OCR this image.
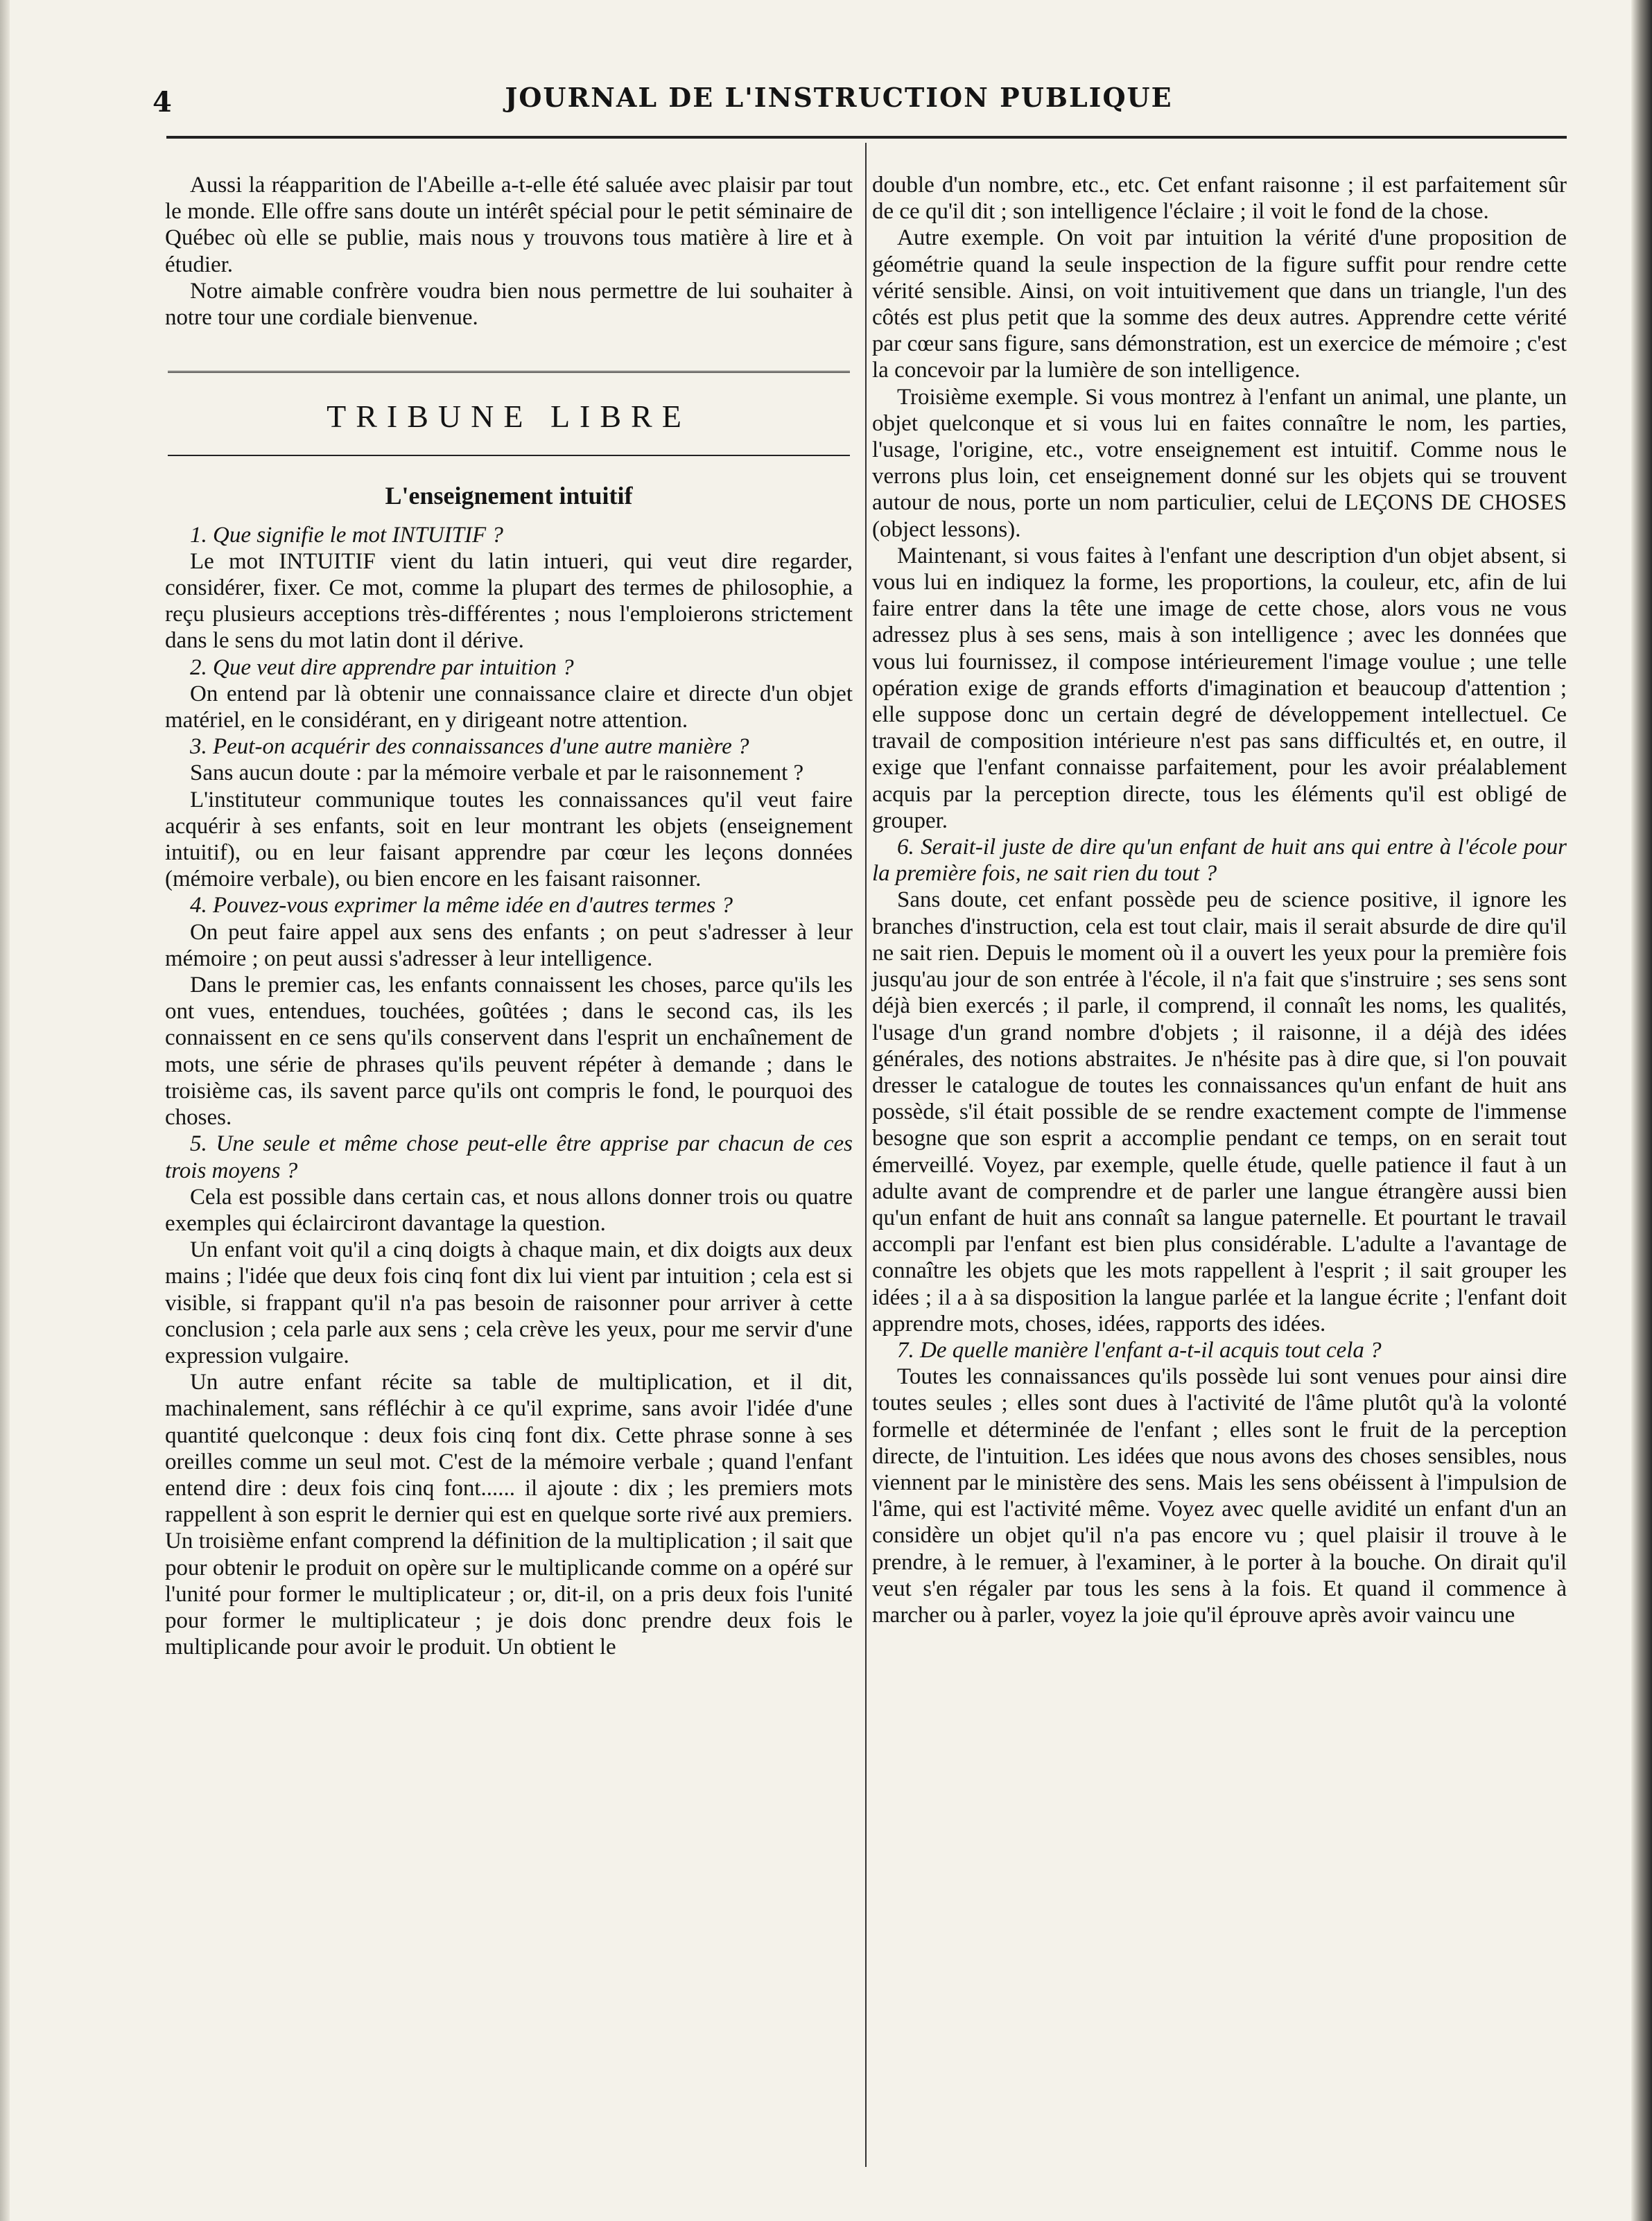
4	JOURNAL DE L'INSTRUCTION PUBLIQUE

Aussi la réapparition de l'Abeille a-t-elle été saluée avec plaisir par tout le monde. Elle offre sans doute un intérêt spécial pour le petit séminaire de Québec où elle se publie, mais nous y trouvons tous matière à lire et à étudier.

Notre aimable confrère voudra bien nous permettre de lui souhaiter à notre tour une cordiale bienvenue.

TRIBUNE LIBRE
L'enseignement intuitif

1. Que signifie le mot INTUITIF ?

Le mot INTUITIF vient du latin intueri, qui veut dire regarder, considérer, fixer. Ce mot, comme la plupart des termes de philosophie, a reçu plusieurs acceptions très-différentes ; nous l'emploierons strictement dans le sens du mot latin dont il dérive.

2. Que veut dire apprendre par intuition ?

On entend par là obtenir une connaissance claire et directe d'un objet matériel, en le considérant, en y dirigeant notre attention.

3. Peut-on acquérir des connaissances d'une autre manière ?

Sans aucun doute : par la mémoire verbale et par le raisonnement ?

L'instituteur communique toutes les connaissances qu'il veut faire acquérir à ses enfants, soit en leur montrant les objets (enseignement intuitif), ou en leur faisant apprendre par cœur les leçons données (mémoire verbale), ou bien encore en les faisant raisonner.

4. Pouvez-vous exprimer la même idée en d'autres termes ?

On peut faire appel aux sens des enfants ; on peut s'adresser à leur mémoire ; on peut aussi s'adresser à leur intelligence.

Dans le premier cas, les enfants connaissent les choses, parce qu'ils les ont vues, entendues, touchées, goûtées ; dans le second cas, ils les connaissent en ce sens qu'ils conservent dans l'esprit un enchaînement de mots, une série de phrases qu'ils peuvent répéter à demande ; dans le troisième cas, ils savent parce qu'ils ont compris le fond, le pourquoi des choses.

5. Une seule et même chose peut-elle être apprise par chacun de ces trois moyens ?

Cela est possible dans certain cas, et nous allons donner trois ou quatre exemples qui éclairciront davantage la question.

Un enfant voit qu'il a cinq doigts à chaque main, et dix doigts aux deux mains ; l'idée que deux fois cinq font dix lui vient par intuition ; cela est si visible, si frappant qu'il n'a pas besoin de raisonner pour arriver à cette conclusion ; cela parle aux sens ; cela crève les yeux, pour me servir d'une expression vulgaire.

Un autre enfant récite sa table de multiplication, et il dit, machinalement, sans réfléchir à ce qu'il exprime, sans avoir l'idée d'une quantité quelconque : deux fois cinq font dix. Cette phrase sonne à ses oreilles comme un seul mot. C'est de la mémoire verbale ; quand l'enfant entend dire : deux fois cinq font...... il ajoute : dix ; les premiers mots rappellent à son esprit le dernier qui est en quelque sorte rivé aux premiers. Un troisième enfant comprend la définition de la multiplication ; il sait que pour obtenir le produit on opère sur le multiplicande comme on a opéré sur l'unité pour former le multiplicateur ; or, dit-il, on a pris deux fois l'unité pour former le multiplicateur ; je dois donc prendre deux fois le multiplicande pour avoir le produit. Un obtient le

double d'un nombre, etc., etc. Cet enfant raisonne ; il est parfaitement sûr de ce qu'il dit ; son intelligence l'éclaire ; il voit le fond de la chose.

Autre exemple. On voit par intuition la vérité d'une proposition de géométrie quand la seule inspection de la figure suffit pour rendre cette vérité sensible. Ainsi, on voit intuitivement que dans un triangle, l'un des côtés est plus petit que la somme des deux autres. Apprendre cette vérité par cœur sans figure, sans démonstration, est un exercice de mémoire ; c'est la concevoir par la lumière de son intelligence.

Troisième exemple. Si vous montrez à l'enfant un animal, une plante, un objet quelconque et si vous lui en faites connaître le nom, les parties, l'usage, l'origine, etc., votre enseignement est intuitif. Comme nous le verrons plus loin, cet enseignement donné sur les objets qui se trouvent autour de nous, porte un nom particulier, celui de LEÇONS DE CHOSES (object lessons).

Maintenant, si vous faites à l'enfant une description d'un objet absent, si vous lui en indiquez la forme, les proportions, la couleur, etc, afin de lui faire entrer dans la tête une image de cette chose, alors vous ne vous adressez plus à ses sens, mais à son intelligence ; avec les données que vous lui fournissez, il compose intérieurement l'image voulue ; une telle opération exige de grands efforts d'imagination et beaucoup d'attention ; elle suppose donc un certain degré de développement intellectuel. Ce travail de composition intérieure n'est pas sans difficultés et, en outre, il exige que l'enfant connaisse parfaitement, pour les avoir préalablement acquis par la perception directe, tous les éléments qu'il est obligé de grouper.

6. Serait-il juste de dire qu'un enfant de huit ans qui entre à l'école pour la première fois, ne sait rien du tout ?

Sans doute, cet enfant possède peu de science positive, il ignore les branches d'instruction, cela est tout clair, mais il serait absurde de dire qu'il ne sait rien. Depuis le moment où il a ouvert les yeux pour la première fois jusqu'au jour de son entrée à l'école, il n'a fait que s'instruire ; ses sens sont déjà bien exercés ; il parle, il comprend, il connaît les noms, les qualités, l'usage d'un grand nombre d'objets ; il raisonne, il a déjà des idées générales, des notions abstraites. Je n'hésite pas à dire que, si l'on pouvait dresser le catalogue de toutes les connaissances qu'un enfant de huit ans possède, s'il était possible de se rendre exactement compte de l'immense besogne que son esprit a accomplie pendant ce temps, on en serait tout émerveillé. Voyez, par exemple, quelle étude, quelle patience il faut à un adulte avant de comprendre et de parler une langue étrangère aussi bien qu'un enfant de huit ans connaît sa langue paternelle. Et pourtant le travail accompli par l'enfant est bien plus considérable. L'adulte a l'avantage de connaître les objets que les mots rappellent à l'esprit ; il sait grouper les idées ; il a à sa disposition la langue parlée et la langue écrite ; l'enfant doit apprendre mots, choses, idées, rapports des idées.

7. De quelle manière l'enfant a-t-il acquis tout cela ?

Toutes les connaissances qu'ils possède lui sont venues pour ainsi dire toutes seules ; elles sont dues à l'activité de l'âme plutôt qu'à la volonté formelle et déterminée de l'enfant ; elles sont le fruit de la perception directe, de l'intuition. Les idées que nous avons des choses sensibles, nous viennent par le ministère des sens. Mais les sens obéissent à l'impulsion de l'âme, qui est l'activité même. Voyez avec quelle avidité un enfant d'un an considère un objet qu'il n'a pas encore vu ; quel plaisir il trouve à le prendre, à le remuer, à l'examiner, à le porter à la bouche. On dirait qu'il veut s'en régaler par tous les sens à la fois. Et quand il commence à marcher ou à parler, voyez la joie qu'il éprouve après avoir vaincu une
